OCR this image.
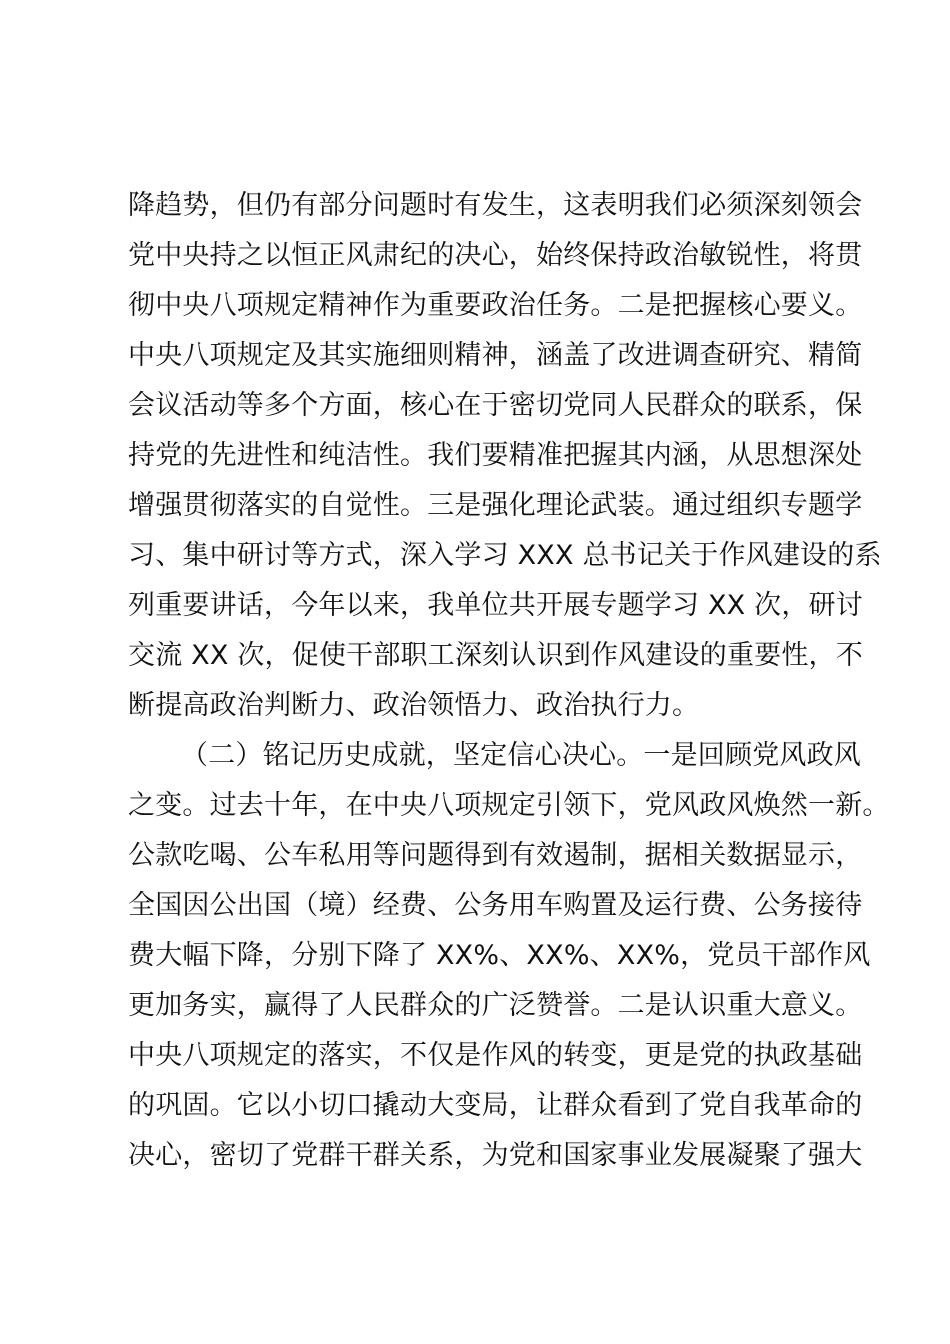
降趋势，但仍有部分问题时有发生，这表明我们必须深刻领会
党中央持之以恒正风肃纪的决心，始终保持政治敏锐性，将贯
彻中央八项规定精神作为重要政治任务。二是把握核心要义。
中央八项规定及其实施细则精神，涵盖了改进调查研究、精简
会议活动等多个方面，核心在于密切党同人民群众的联系，保
持党的先进性和纯洁性。我们要精准把握其内涵，从思想深处
增强贯彻落实的自觉性。三是强化理论武装。通过组织专题学
习、集中研讨等方式，深入学习 XXX 总书记关于作风建设的系
列重要讲话，今年以来，我单位共开展专题学习 XX 次，研讨
交流 XX 次，促使干部职工深刻认识到作风建设的重要性，不
断提高政治判断力、政治领悟力、政治执行力。
（二）铭记历史成就，坚定信心决心。一是回顾党风政风
之变。过去十年，在中央八项规定引领下，党风政风焕然一新。
公款吃喝、公车私用等问题得到有效遏制，据相关数据显示，
全国因公出国（境）经费、公务用车购置及运行费、公务接待
费大幅下降，分别下降了 XX%、XX%、XX%，党员干部作风
更加务实，赢得了人民群众的广泛赞誉。二是认识重大意义。
中央八项规定的落实，不仅是作风的转变，更是党的执政基础
的巩固。它以小切口撬动大变局，让群众看到了党自我革命的
决心，密切了党群干群关系，为党和国家事业发展凝聚了强大
